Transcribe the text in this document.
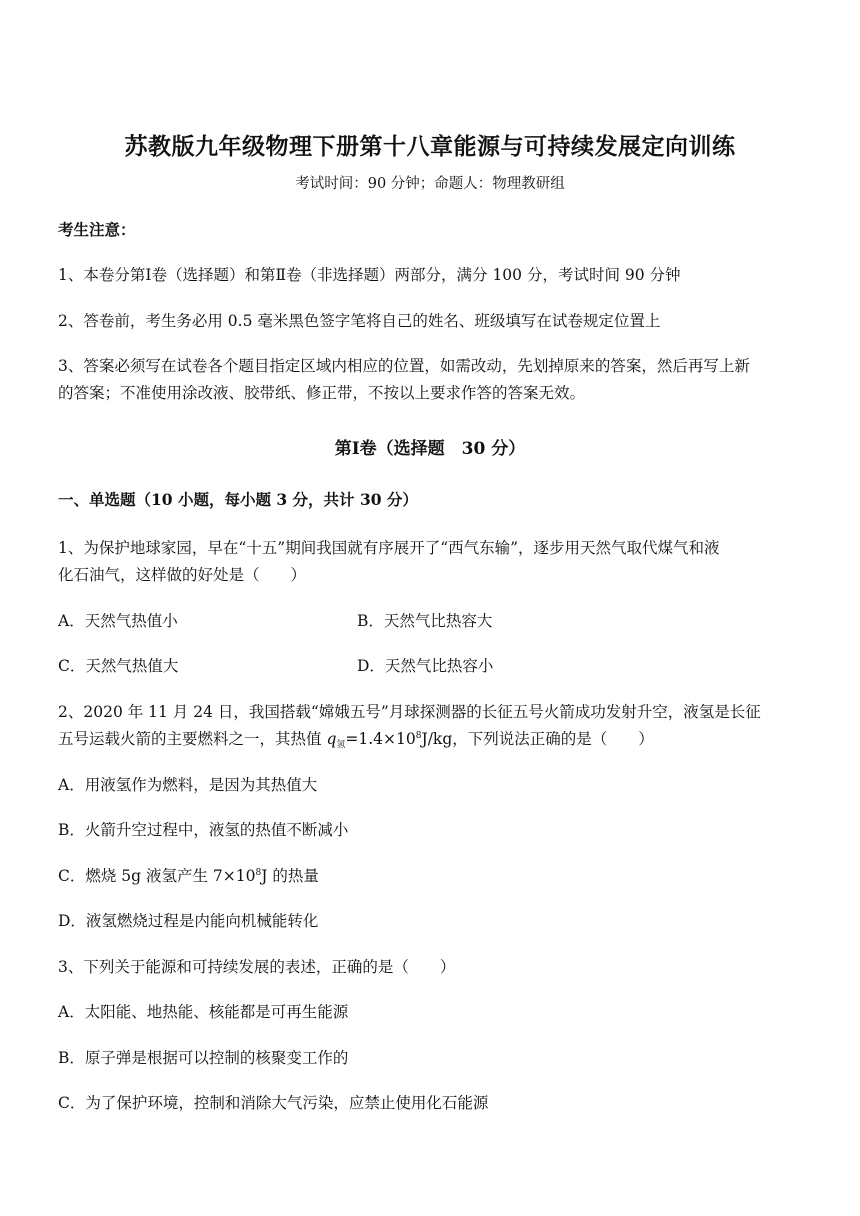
苏教版九年级物理下册第十八章能源与可持续发展定向训练
考试时间：90 分钟；命题人：物理教研组
考生注意：
1、本卷分第Ⅰ卷（选择题）和第Ⅱ卷（非选择题）两部分，满分 100 分，考试时间 90 分钟
2、答卷前，考生务必用 0.5 毫米黑色签字笔将自己的姓名、班级填写在试卷规定位置上
3、答案必须写在试卷各个题目指定区域内相应的位置，如需改动，先划掉原来的答案，然后再写上新
的答案；不准使用涂改液、胶带纸、修正带，不按以上要求作答的答案无效。
第Ⅰ卷（选择题　30 分）
一、单选题（10 小题，每小题 3 分，共计 30 分）
1、为保护地球家园，早在“十五”期间我国就有序展开了“西气东输”，逐步用天然气取代煤气和液
化石油气，这样做的好处是（　　）
A．天然气热值小	B．天然气比热容大
C．天然气热值大	D．天然气比热容小
2、2020 年 11 月 24 日，我国搭载“嫦娥五号”月球探测器的长征五号火箭成功发射升空，液氢是长征
五号运载火箭的主要燃料之一，其热值 $q_氢=1.4\times 10^8J/kg$，下列说法正确的是（　　）
A．用液氢作为燃料，是因为其热值大
B．火箭升空过程中，液氢的热值不断减小
C．燃烧 5g 液氢产生 $7\times 10^8J$ 的热量
D．液氢燃烧过程是内能向机械能转化
3、下列关于能源和可持续发展的表述，正确的是（　　）
A．太阳能、地热能、核能都是可再生能源
B．原子弹是根据可以控制的核聚变工作的
C．为了保护环境，控制和消除大气污染，应禁止使用化石能源
